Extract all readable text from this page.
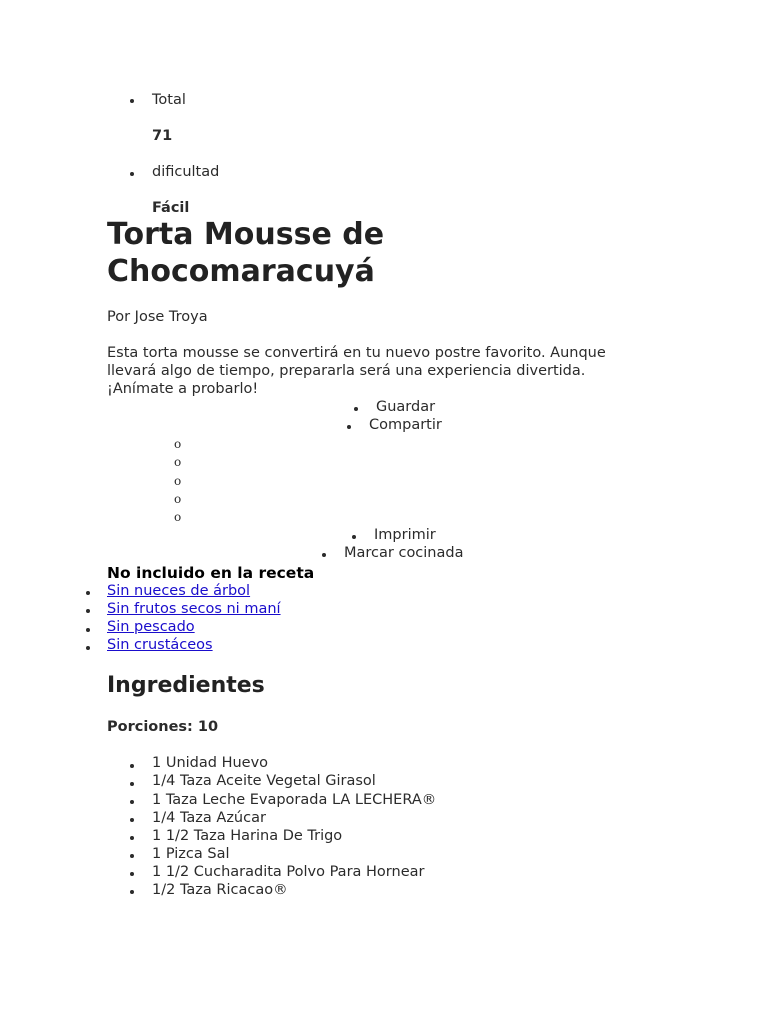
Total
71
dificultad
Fácil
Torta Mousse de
Chocomaracuyá
Por Jose Troya
Esta torta mousse se convertirá en tu nuevo postre favorito. Aunque llevará algo de tiempo, prepararla será una experiencia divertida. ¡Anímate a probarlo!
Guardar
Compartir
o
o
o
o
o
Imprimir
Marcar cocinada
No incluido en la receta
Sin nueces de árbol
Sin frutos secos ni maní
Sin pescado
Sin crustáceos
Ingredientes
Porciones: 10
1 Unidad Huevo
1/4 Taza Aceite Vegetal Girasol
1 Taza Leche Evaporada LA LECHERA®
1/4 Taza Azúcar
1 1/2 Taza Harina De Trigo
1 Pizca Sal
1 1/2 Cucharadita Polvo Para Hornear
1/2 Taza Ricacao®
